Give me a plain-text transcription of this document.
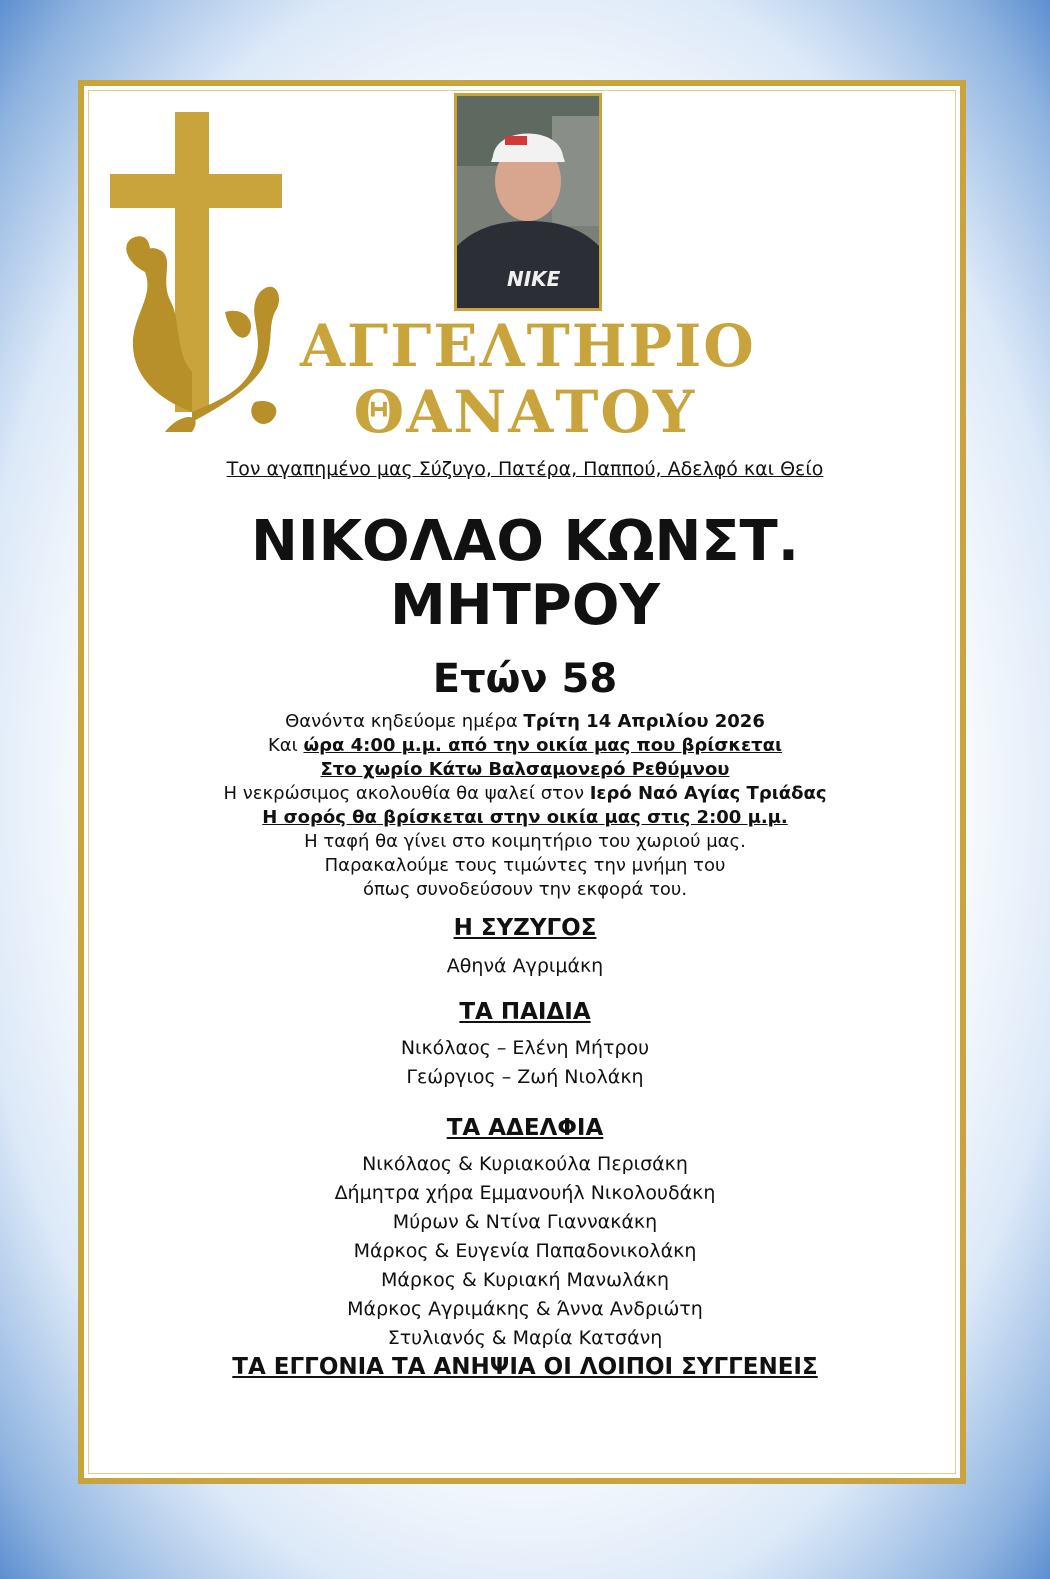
NIKE
ΑΓΓΕΛΤΗΡΙΟ
ΘΑΝΑΤΟΥ
Τον αγαπημένο μας Σύζυγο, Πατέρα, Παππού, Αδελφό και Θείο
ΝΙΚΟΛΑΟ ΚΩΝΣΤ.
ΜΗΤΡΟΥ
Ετών 58
Θανόντα κηδεύομε ημέρα Τρίτη 14 Απριλίου 2026
Και ώρα 4:00 μ.μ. από την οικία μας που βρίσκεται
Στο χωρίο Κάτω Βαλσαμονερό Ρεθύμνου
Η νεκρώσιμος ακολουθία θα ψαλεί στον Ιερό Ναό Αγίας Τριάδας
Η σορός θα βρίσκεται στην οικία μας στις 2:00 μ.μ.
Η ταφή θα γίνει στο κοιμητήριο του χωριού μας.
Παρακαλούμε τους τιμώντες την μνήμη του
όπως συνοδεύσουν την εκφορά του.
Η ΣΥΖΥΓΟΣ
Αθηνά Αγριμάκη
ΤΑ ΠΑΙΔΙΑ
Νικόλαος – Ελένη Μήτρου
Γεώργιος – Ζωή Νιολάκη
ΤΑ ΑΔΕΛΦΙΑ
Νικόλαος & Κυριακούλα Περισάκη
Δήμητρα χήρα Εμμανουήλ Νικολουδάκη
Μύρων & Ντίνα Γιαννακάκη
Μάρκος & Ευγενία Παπαδονικολάκη
Μάρκος & Κυριακή Μανωλάκη
Μάρκος Αγριμάκης & Άννα Ανδριώτη
Στυλιανός & Μαρία Κατσάνη
ΤΑ ΕΓΓΟΝΙΑ ΤΑ ΑΝΗΨΙΑ ΟΙ ΛΟΙΠΟΙ ΣΥΓΓΕΝΕΙΣ
